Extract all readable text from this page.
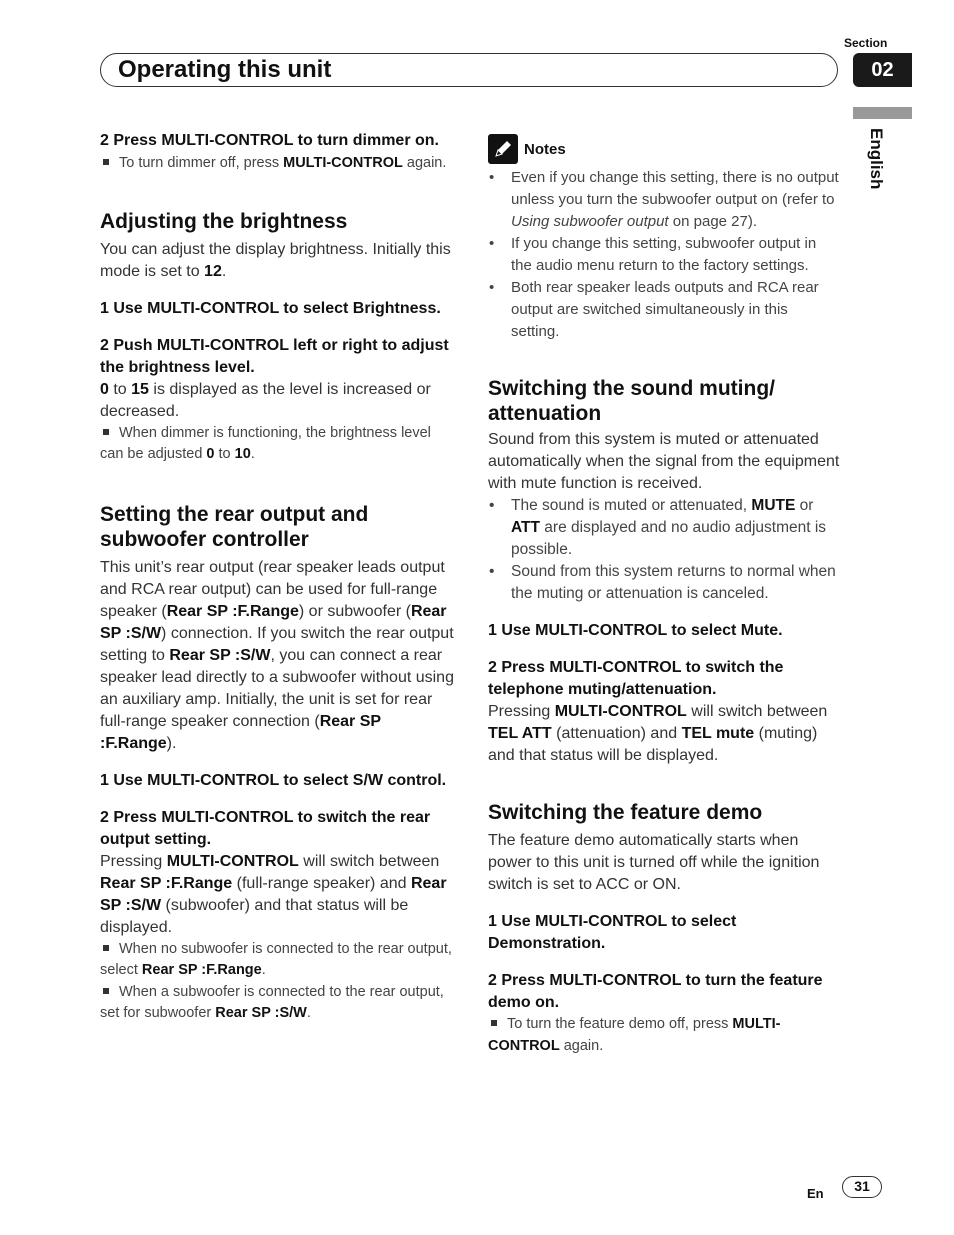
Section
Operating this unit	02
English

2 Press MULTI-CONTROL to turn dimmer on.

To turn dimmer off, press MULTI-CONTROL again.

Adjusting the brightness

You can adjust the display brightness. Initially this mode is set to 12.

1 Use MULTI-CONTROL to select Brightness.

2 Push MULTI-CONTROL left or right to adjust the brightness level.

0 to 15 is displayed as the level is increased or decreased.

When dimmer is functioning, the brightness level can be adjusted 0 to 10.

Setting the rear output and subwoofer controller

This unit’s rear output (rear speaker leads output and RCA rear output) can be used for full-range speaker (Rear SP :F.Range) or subwoofer (Rear SP :S/W) connection. If you switch the rear output setting to Rear SP :S/W, you can connect a rear speaker lead directly to a subwoofer without using an auxiliary amp. Initially, the unit is set for rear full-range speaker connection (Rear SP :F.Range).

1 Use MULTI-CONTROL to select S/W control.

2 Press MULTI-CONTROL to switch the rear output setting.

Pressing MULTI-CONTROL will switch between Rear SP :F.Range (full-range speaker) and Rear SP :S/W (subwoofer) and that status will be displayed.

When no subwoofer is connected to the rear output, select Rear SP :F.Range.

When a subwoofer is connected to the rear output, set for subwoofer Rear SP :S/W.

Notes

• Even if you change this setting, there is no output unless you turn the subwoofer output on (refer to Using subwoofer output on page 27).

• If you change this setting, subwoofer output in the audio menu return to the factory settings.

• Both rear speaker leads outputs and RCA rear output are switched simultaneously in this setting.

Switching the sound muting/ attenuation

Sound from this system is muted or attenuated automatically when the signal from the equipment with mute function is received.

• The sound is muted or attenuated, MUTE or ATT are displayed and no audio adjustment is possible.

• Sound from this system returns to normal when the muting or attenuation is canceled.

1 Use MULTI-CONTROL to select Mute.

2 Press MULTI-CONTROL to switch the telephone muting/attenuation.

Pressing MULTI-CONTROL will switch between TEL ATT (attenuation) and TEL mute (muting) and that status will be displayed.

Switching the feature demo

The feature demo automatically starts when power to this unit is turned off while the ignition switch is set to ACC or ON.

1 Use MULTI-CONTROL to select Demonstration.

2 Press MULTI-CONTROL to turn the feature demo on.

To turn the feature demo off, press MULTI-CONTROL again.

En	31
